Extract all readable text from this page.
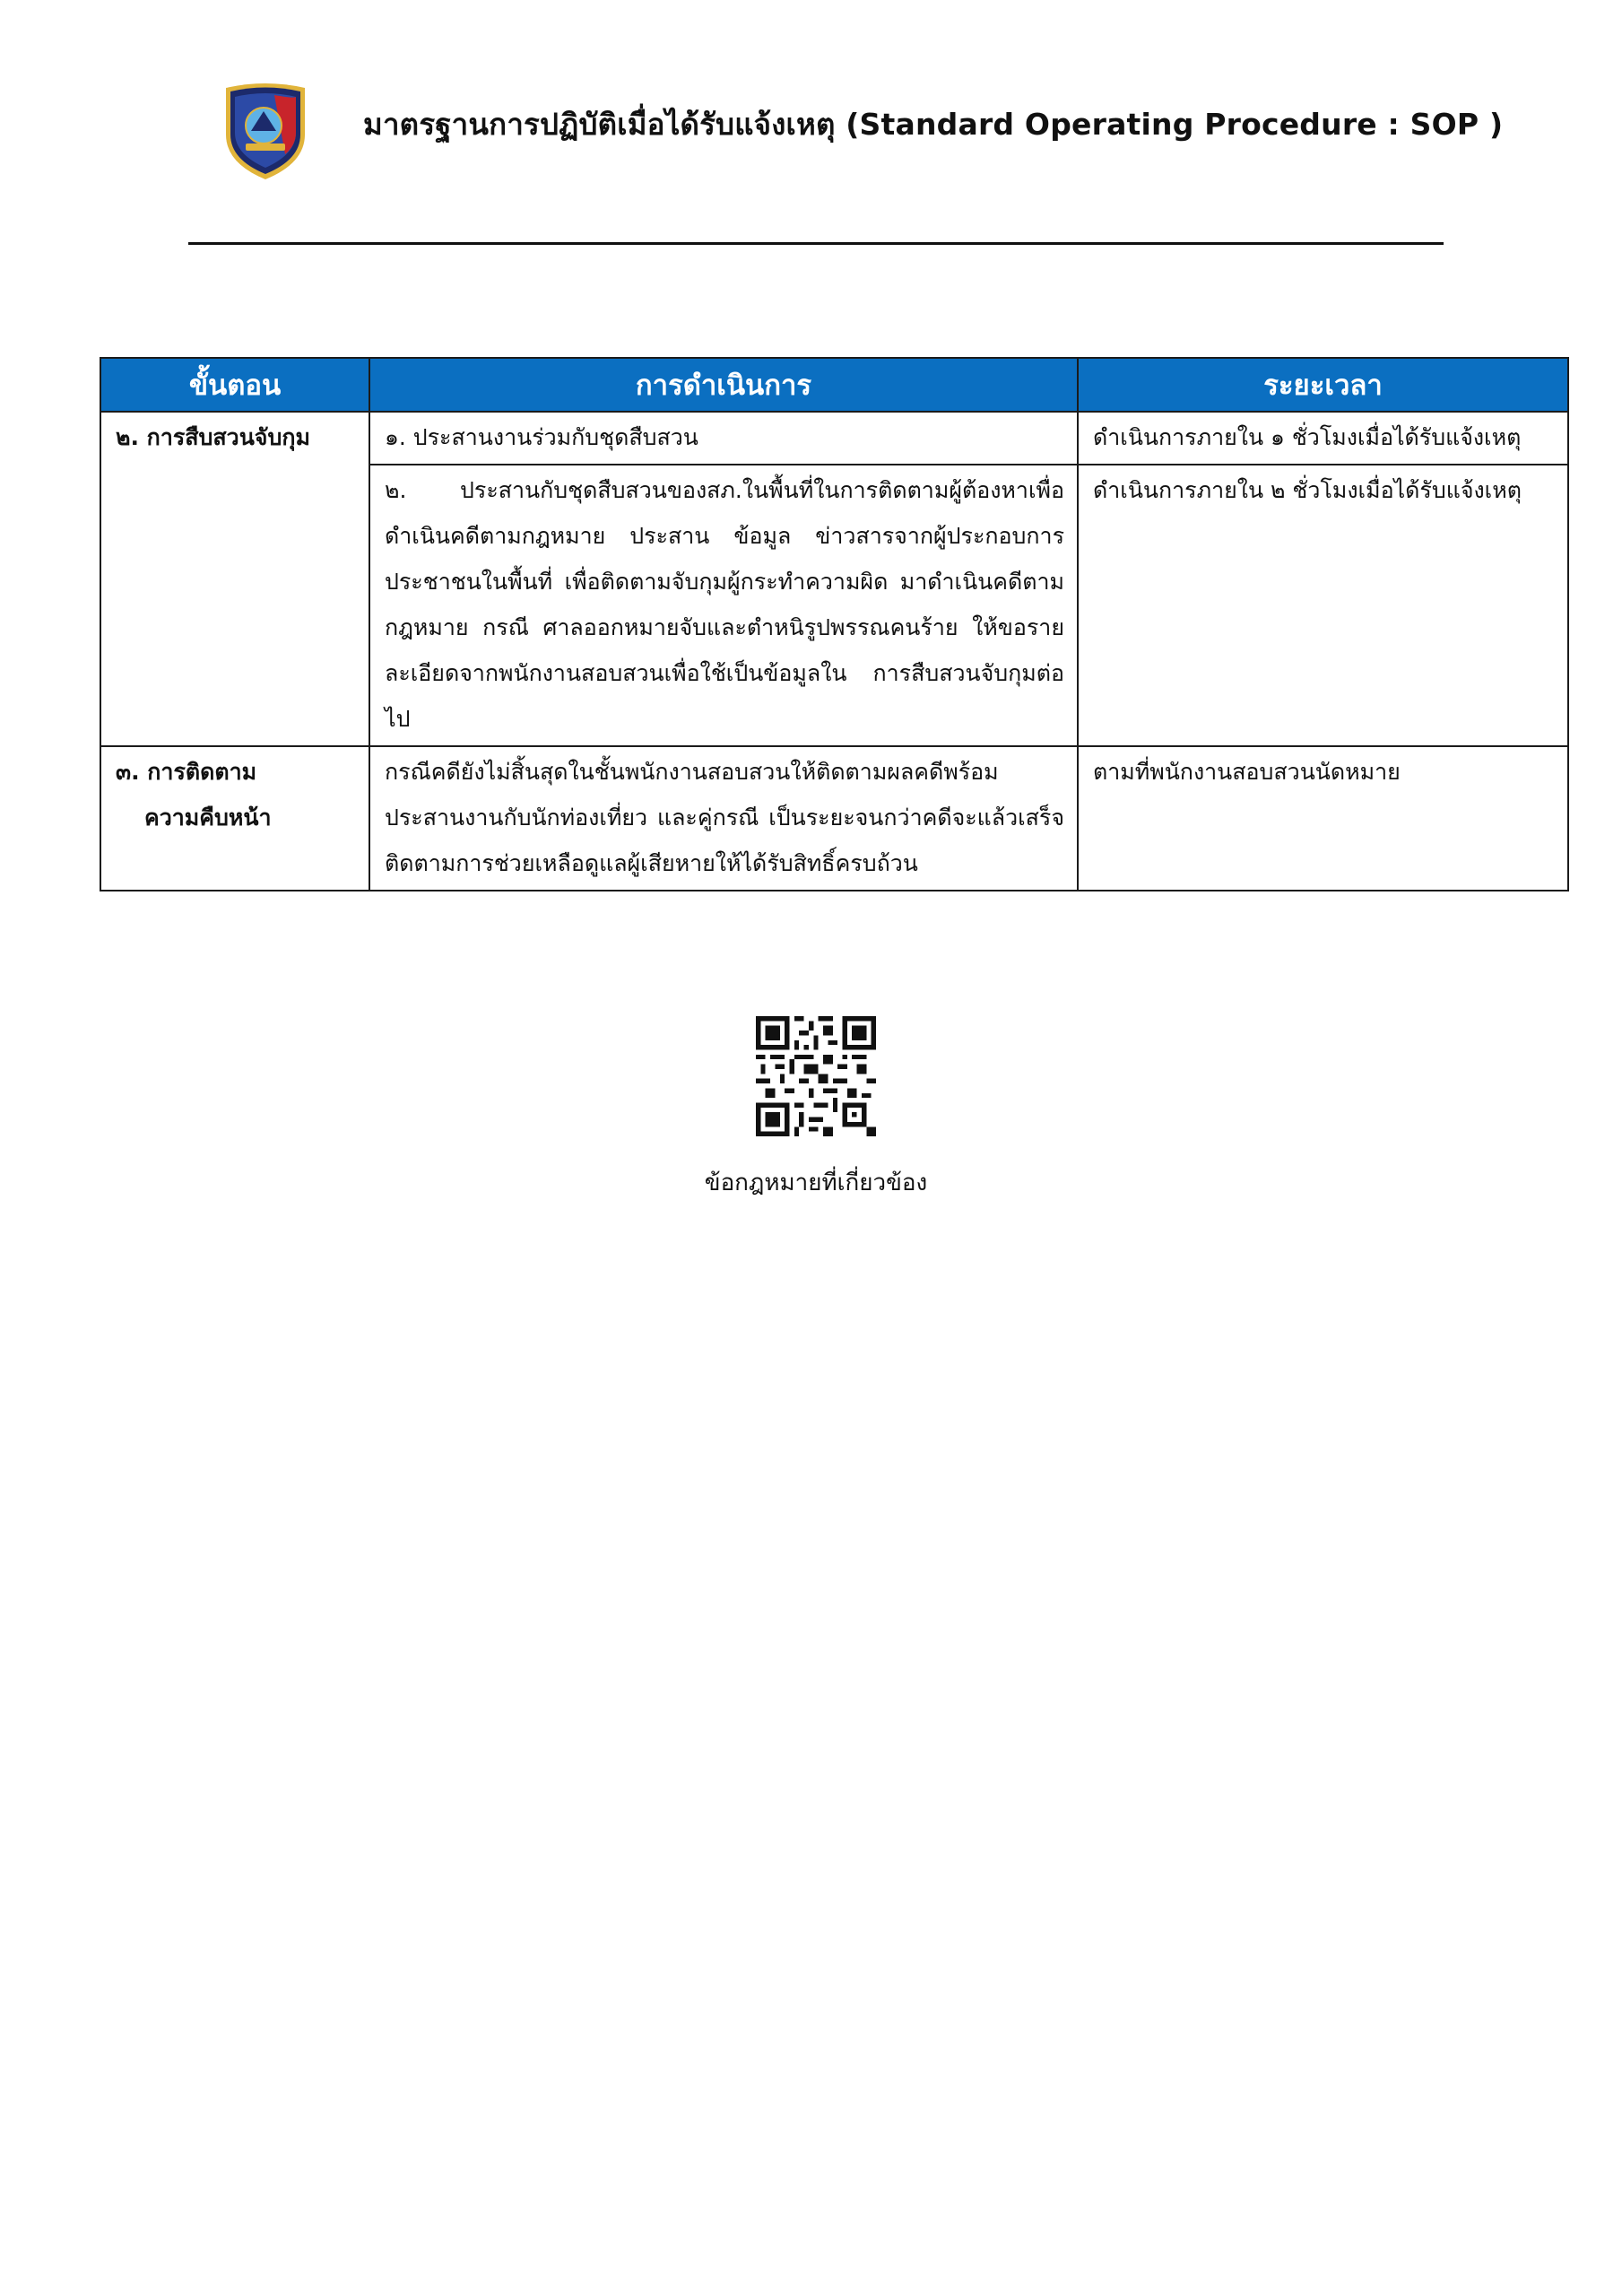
มาตรฐานการปฏิบัติเมื่อได้รับแจ้งเหตุ (Standard Operating Procedure : SOP )
ขั้นตอน	การดำเนินการ	ระยะเวลา
๒. การสืบสวนจับกุม	๑. ประสานงานร่วมกับชุดสืบสวน	ดำเนินการภายใน ๑ ชั่วโมงเมื่อได้รับแจ้งเหตุ
	๒. ประสานกับชุดสืบสวนของสภ.ในพื้นที่ในการติดตามผู้ต้องหาเพื่อดำเนินคดีตามกฎหมาย ประสาน ข้อมูล ข่าวสารจากผู้ประกอบการประชาชนในพื้นที่ เพื่อติดตามจับกุมผู้กระทำความผิด มาดำเนินคดีตามกฎหมาย กรณี ศาลออกหมายจับและตำหนิรูปพรรณคนร้าย ให้ขอรายละเอียดจากพนักงานสอบสวนเพื่อใช้เป็นข้อมูลใน การสืบสวนจับกุมต่อไป	ดำเนินการภายใน ๒ ชั่วโมงเมื่อได้รับแจ้งเหตุ
๓. การติดตาม
ความคืบหน้า	กรณีคดียังไม่สิ้นสุดในชั้นพนักงานสอบสวนให้ติดตามผลคดีพร้อม ประสานงานกับนักท่องเที่ยว และคู่กรณี เป็นระยะจนกว่าคดีจะแล้วเสร็จ ติดตามการช่วยเหลือดูแลผู้เสียหายให้ได้รับสิทธิ์ครบถ้วน	ตามที่พนักงานสอบสวนนัดหมาย
ข้อกฎหมายที่เกี่ยวข้อง
